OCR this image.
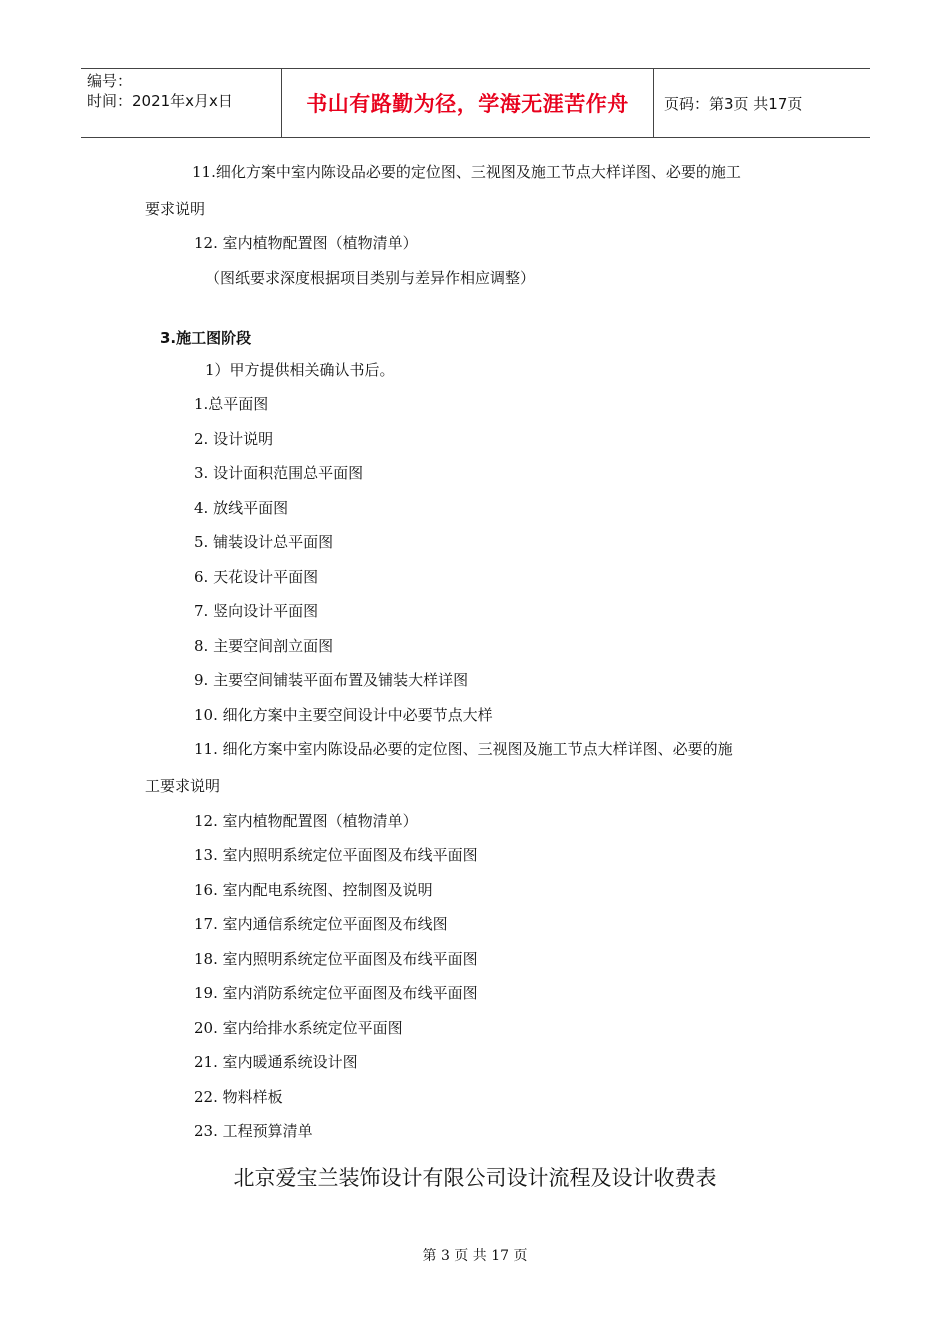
编号：
时间：2021年x月x日	书山有路勤为径，学海无涯苦作舟	页码：第3页 共17页
11.细化方案中室内陈设品必要的定位图、三视图及施工节点大样详图、必要的施工
要求说明
12. 室内植物配置图（植物清单）
（图纸要求深度根据项目类别与差异作相应调整）
3.施工图阶段
1）甲方提供相关确认书后。
1.总平面图
2. 设计说明
3. 设计面积范围总平面图
4. 放线平面图
5. 铺装设计总平面图
6. 天花设计平面图
7. 竖向设计平面图
8. 主要空间剖立面图
9. 主要空间铺装平面布置及铺装大样详图
10. 细化方案中主要空间设计中必要节点大样
11. 细化方案中室内陈设品必要的定位图、三视图及施工节点大样详图、必要的施
工要求说明
12. 室内植物配置图（植物清单）
13. 室内照明系统定位平面图及布线平面图
16. 室内配电系统图、控制图及说明
17. 室内通信系统定位平面图及布线图
18. 室内照明系统定位平面图及布线平面图
19. 室内消防系统定位平面图及布线平面图
20. 室内给排水系统定位平面图
21. 室内暖通系统设计图
22. 物料样板
23. 工程预算清单
北京爱宝兰装饰设计有限公司设计流程及设计收费表
第 3 页 共 17 页
